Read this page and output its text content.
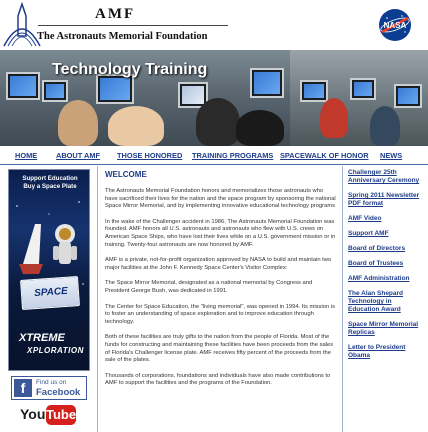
AMF
The Astronauts Memorial Foundation
NASA
Technology Training
HOME	ABOUT AMF THOSE HONORED TRAINING PROGRAMS SPACEWALK OF HONOR NEWS
Support Education
Buy a Space Plate
SPACE
XTREME
XPLORATION
f	Find us on
Facebook
You Tube
WELCOME

The Astronauts Memorial Foundation honors and memorializes those astronauts who have sacrificed their lives for the nation and the space program by sponsoring the national Space Mirror Memorial, and by implementing innovative educational technology programs

In the wake of the Challenger accident in 1986, The Astronauts Memorial Foundation was founded. AMF honors all U.S. astronauts and astronauts who flew with U.S. crews on American Space Ships, who have lost their lives while on a U.S. government mission or in training. Twenty-four astronauts are now honored by AMF.

AMF is a private, not-for-profit organization approved by NASA to build and maintain two major facilities at the John F. Kennedy Space Center's Visitor Complex:

The Space Mirror Memorial, designated as a national memorial by Congress and President George Bush, was dedicated in 1991.

The Center for Space Education, the "living memorial", was opened in 1994. Its mission is to foster an understanding of space exploration and to improve education through technology.

Both of these facilities are truly gifts to the nation from the people of Florida. Most of the funds for constructing and maintaining these facilities have been proceeds from the sales of Florida's Challenger license plate. AMF receives fifty percent of the proceeds from the sale of the plates.

Thousands of corporations, foundations and individuals have also made contributions to AMF to support the facilities and the programs of the Foundation.

Challenger 25th Anniversary Ceremony
Spring 2011 Newsletter PDF format
AMF Video
Support AMF
Board of Directors
Board of Trustees
AMF Administration
The Alan Shepard Technology in Education Award
Space Mirror Memorial Replicas
Letter to President Obama
